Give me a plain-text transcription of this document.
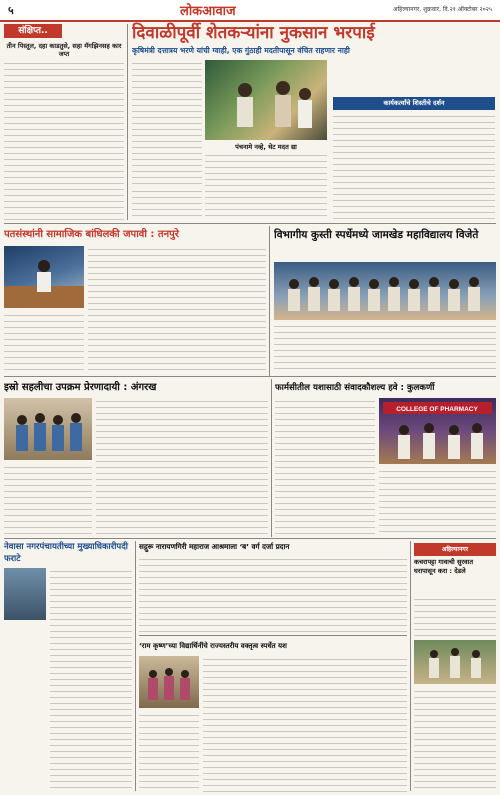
५	लोकआवाज	अहिल्यानगर, शुक्रवार, दि.२१ ऑक्टोबर २०२५
संक्षिप्त..
तीन पिस्तूल, दहा काडतुसे, सहा मॅगझिनसह कार जप्त
दिवाळीपूर्वी शेतकऱ्यांना नुकसान भरपाई
कृषिमंत्री दत्तात्रय भरणे यांची ग्वाही, एक गुंठाही मदतीपासून वंचित राहणार नाही
पंचनामे नव्हे, थेट मदत द्या
कार्यकर्त्यांचे शिस्तीचे दर्शन
पतसंस्थांनी सामाजिक बांधिलकी जपावी : तनपुरे	विभागीय कुस्ती स्पर्धेमध्ये जामखेड महाविद्यालय विजेते
इस्रो सहलीचा उपक्रम प्रेरणादायी : अंगरख	फार्मसीतील यशासाठी संवादकौशल्य हवे : कुलकर्णी
COLLEGE OF PHARMACY
नेवासा नगरपंचायतीच्या मुख्याधिकारीपदी फराटे
सद्गुरू नारायणगिरी महाराज आश्रमाला ‘ब’ वर्ग दर्जा प्रदान
‘राम कृष्ण’च्या विद्यार्थिनींचे राज्यस्तरीय वक्तृत्व स्पर्धेत यश
अहिल्यानगर
कचरापट्टा गावाची सुरवात घरापासून करा : देडले
